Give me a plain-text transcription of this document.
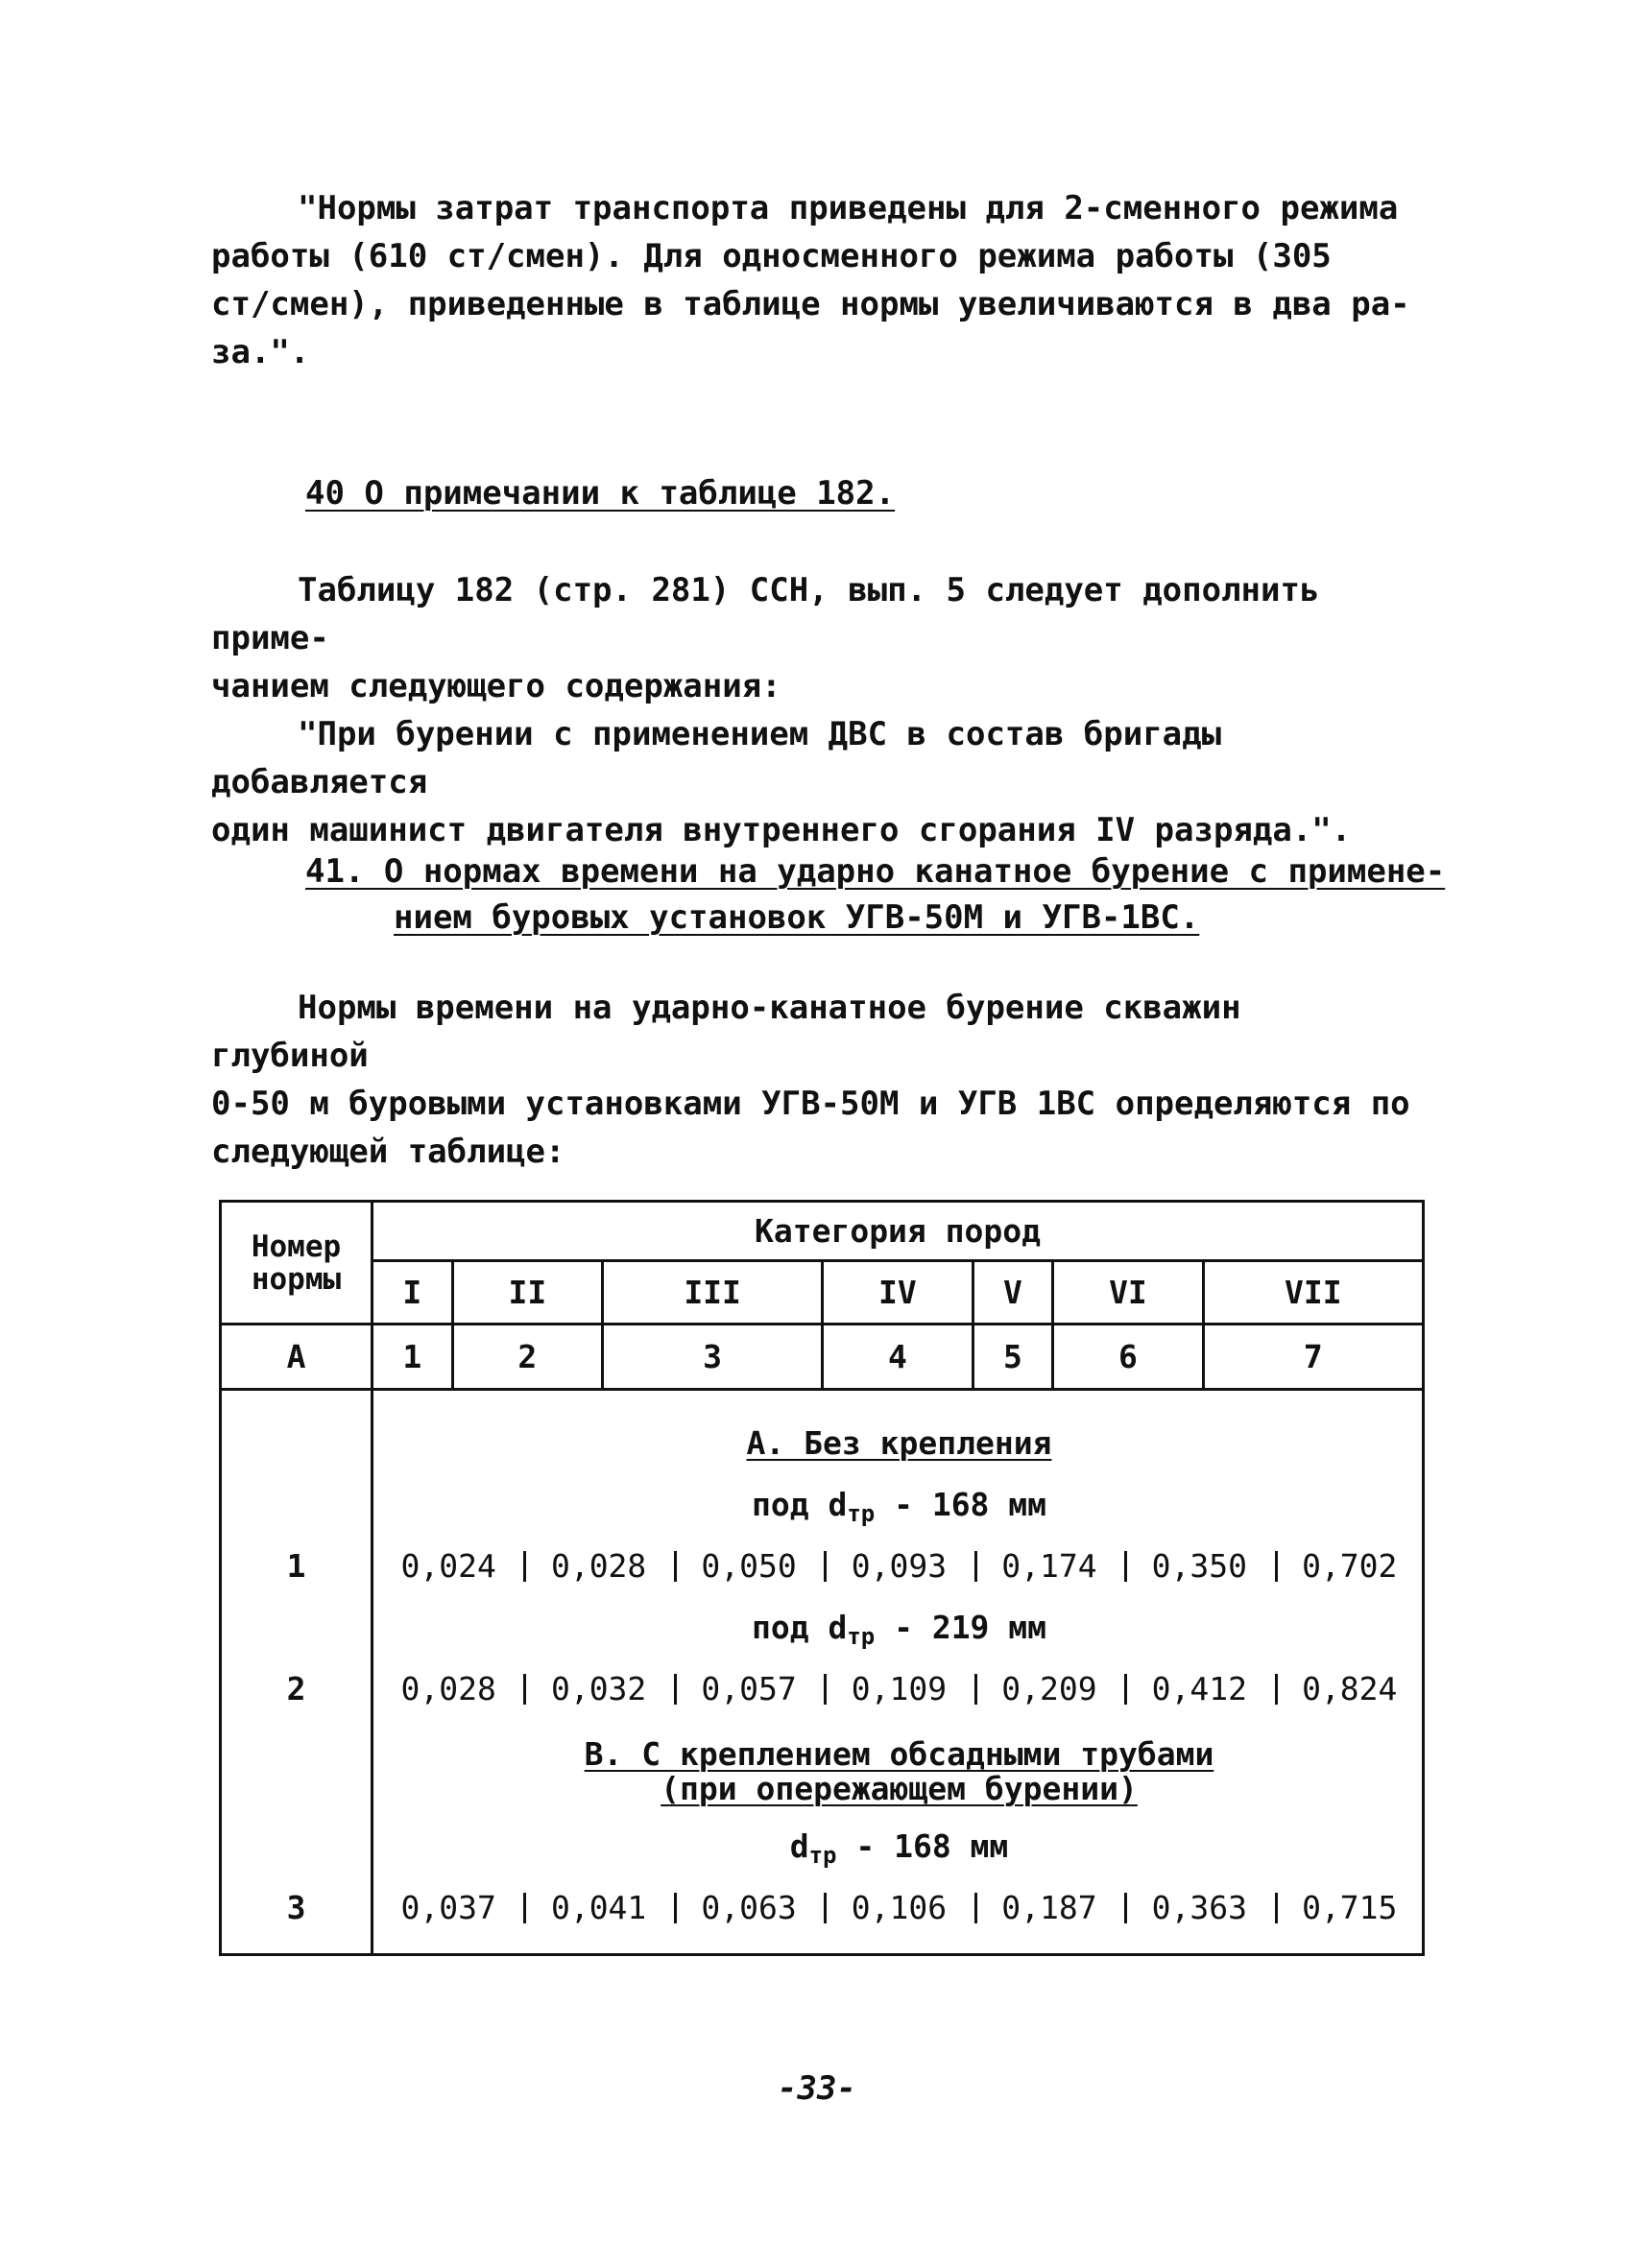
"Нормы затрат транспорта приведены для 2-сменного режима
работы (610 ст/смен). Для односменного режима работы (305
ст/смен), приведенные в таблице нормы увеличиваются в два ра-
за.".

40 О примечании к таблице 182.

Таблицу 182 (стр. 281) ССН, вып. 5 следует дополнить приме-
чанием следующего содержания:
"При бурении с применением ДВС в состав бригады добавляется
один машинист двигателя внутреннего сгорания IV разряда.".

41. О нормах времени на ударно канатное бурение с примене-

нием буровых установок УГВ-50М и УГВ-1ВС.

Нормы времени на ударно-канатное бурение скважин глубиной
0-50 м буровыми установками УГВ-50М и УГВ 1ВС определяются по
следующей таблице:

Номер нормы	Категория пород						
	I	II	III	IV	V	VI	VII
А	1	2	3	4	5	6	7
А. Без крепления
под $d_{тр} - 168$ мм
1	0,024	0,028	0,050	0,093	0,174	0,350	0,702
под $d_{тр} - 219$ мм
2	0,028	0,032	0,057	0,109	0,209	0,412	0,824
В. С креплением обсадными трубами
(при опережающем бурении)
$d_{тр} - 168$ мм
3	0,037	0,041	0,063	0,106	0,187	0,363	0,715
-33-
